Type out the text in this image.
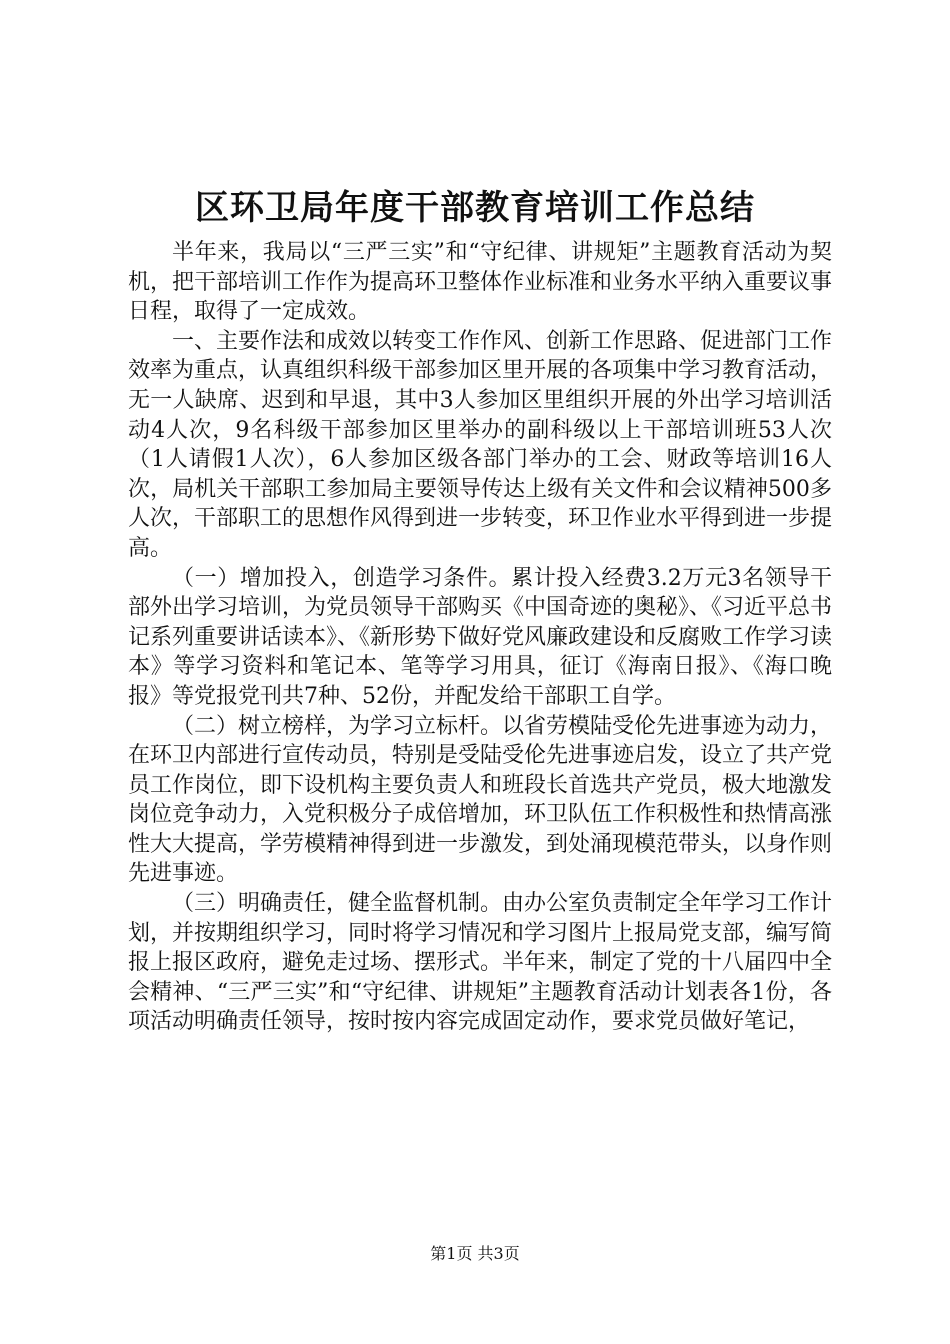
区环卫局年度干部教育培训工作总结

半年来，我局以“三严三实”和“守纪律、讲规矩”主题教育活动为契机，把干部培训工作作为提高环卫整体作业标准和业务水平纳入重要议事日程，取得了一定成效。

一、主要作法和成效以转变工作作风、创新工作思路、促进部门工作效率为重点，认真组织科级干部参加区里开展的各项集中学习教育活动，无一人缺席、迟到和早退，其中3人参加区里组织开展的外出学习培训活动4人次，9名科级干部参加区里举办的副科级以上干部培训班53人次（1人请假1人次），6人参加区级各部门举办的工会、财政等培训16人次，局机关干部职工参加局主要领导传达上级有关文件和会议精神500多人次，干部职工的思想作风得到进一步转变，环卫作业水平得到进一步提高。

（一）增加投入，创造学习条件。累计投入经费3.2万元3名领导干部外出学习培训，为党员领导干部购买《中国奇迹的奥秘》、《习近平总书记系列重要讲话读本》、《新形势下做好党风廉政建设和反腐败工作学习读本》等学习资料和笔记本、笔等学习用具，征订《海南日报》、《海口晚报》等党报党刊共7种、52份，并配发给干部职工自学。

（二）树立榜样，为学习立标杆。以省劳模陆受伦先进事迹为动力，在环卫内部进行宣传动员，特别是受陆受伦先进事迹启发，设立了共产党员工作岗位，即下设机构主要负责人和班段长首选共产党员，极大地激发岗位竞争动力，入党积极分子成倍增加，环卫队伍工作积极性和热情高涨性大大提高，学劳模精神得到进一步激发，到处涌现模范带头，以身作则先进事迹。

（三）明确责任，健全监督机制。由办公室负责制定全年学习工作计划，并按期组织学习，同时将学习情况和学习图片上报局党支部，编写简报上报区政府，避免走过场、摆形式。半年来，制定了党的十八届四中全会精神、“三严三实”和“守纪律、讲规矩”主题教育活动计划表各1份，各项活动明确责任领导，按时按内容完成固定动作，要求党员做好笔记，

第1页 共3页
